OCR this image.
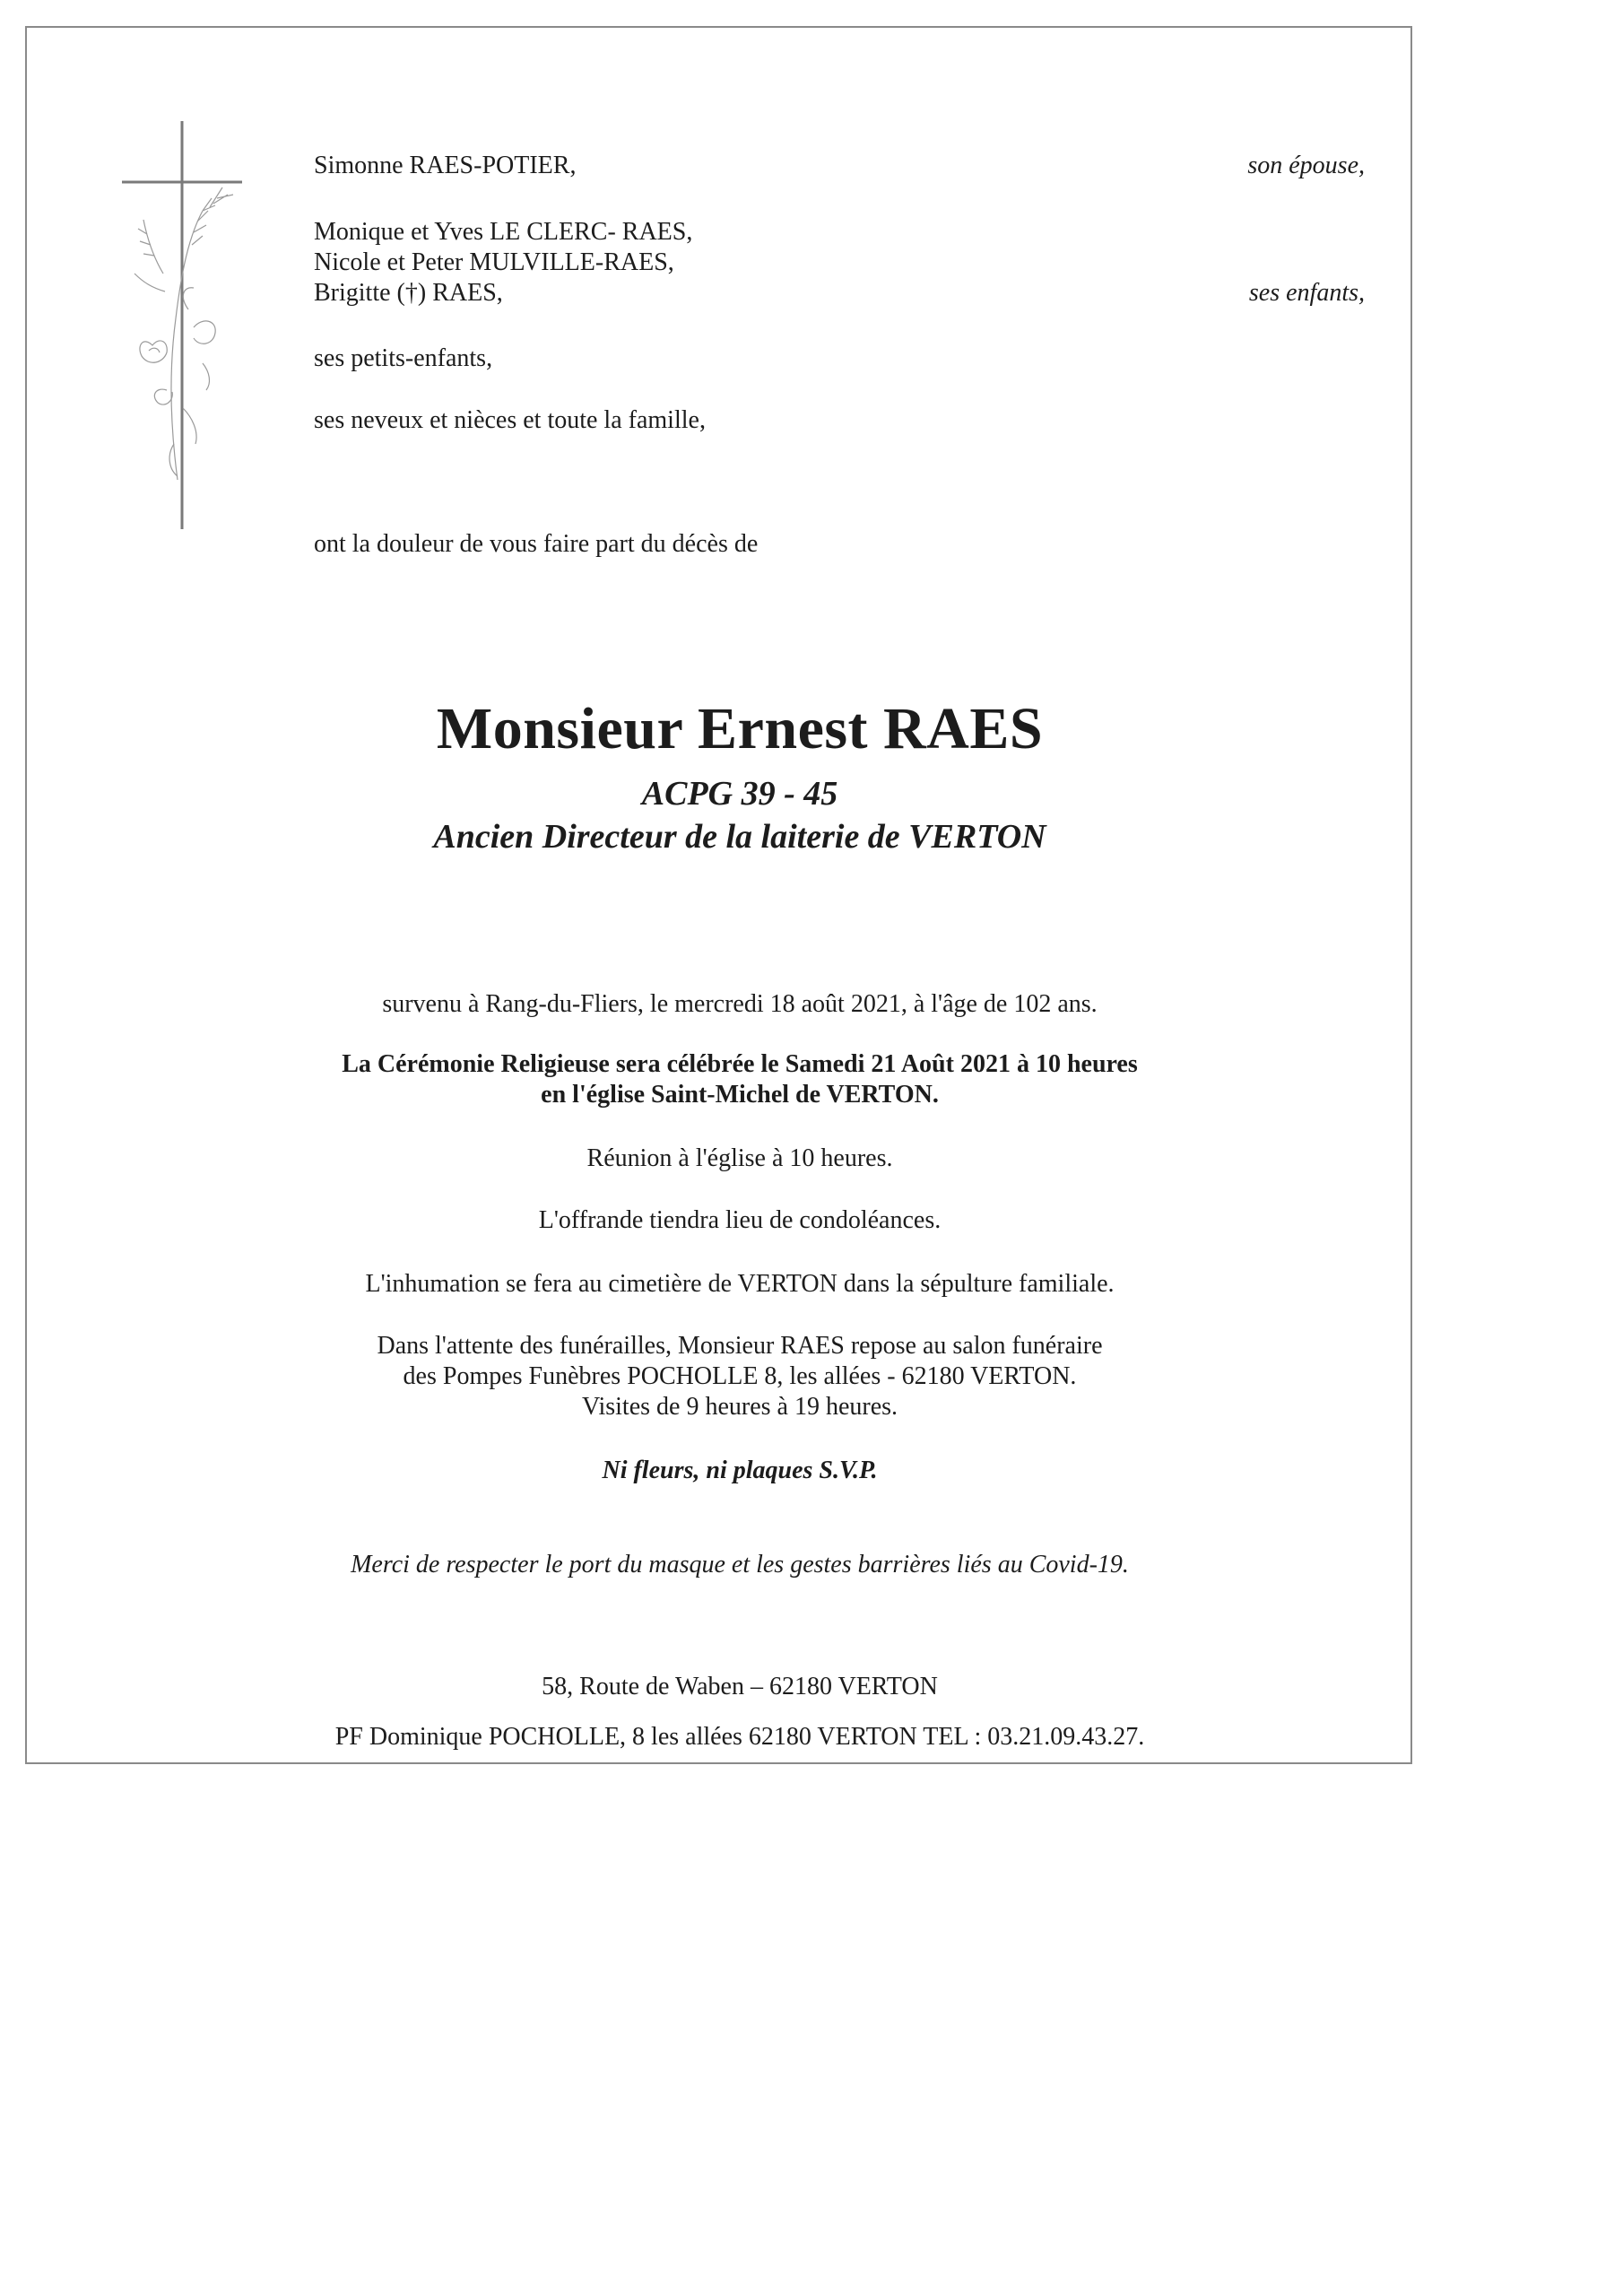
Simonne RAES-POTIER,	son épouse,
Monique et Yves LE CLERC- RAES,
Nicole et Peter MULVILLE-RAES,
Brigitte (†) RAES,	ses enfants,
ses petits-enfants,
ses neveux et nièces et toute la famille,
ont la douleur de vous faire part du décès de
Monsieur Ernest RAES
ACPG 39 - 45
Ancien Directeur de la laiterie de VERTON
survenu à Rang-du-Fliers, le mercredi 18 août 2021, à l'âge de 102 ans.
La Cérémonie Religieuse sera célébrée le Samedi 21 Août 2021 à 10 heures
en l'église Saint-Michel de VERTON.
Réunion à l'église à 10 heures.
L'offrande tiendra lieu de condoléances.
L'inhumation se fera au cimetière de VERTON dans la sépulture familiale.
Dans l'attente des funérailles, Monsieur RAES repose au salon funéraire
des Pompes Funèbres POCHOLLE 8, les allées - 62180 VERTON.
Visites de 9 heures à 19 heures.
Ni fleurs, ni plaques S.V.P.
Merci de respecter le port du masque et les gestes barrières liés au Covid-19.
58, Route de Waben – 62180 VERTON
PF Dominique POCHOLLE, 8 les allées 62180 VERTON TEL : 03.21.09.43.27.
